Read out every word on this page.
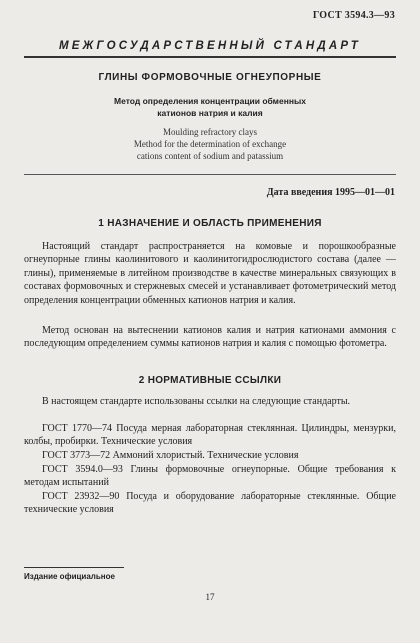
ГОСТ 3594.3—93
МЕЖГОСУДАРСТВЕННЫЙ СТАНДАРТ
ГЛИНЫ ФОРМОВОЧНЫЕ ОГНЕУПОРНЫЕ
Метод определения концентрации обменных
катионов натрия и калия
Moulding refractory clays
Method for the determination of exchange
cations content of sodium and patassium
Дата введения 1995—01—01
1 НАЗНАЧЕНИЕ И ОБЛАСТЬ ПРИМЕНЕНИЯ
Настоящий стандарт распространяется на комовые и порошкообразные огнеупорные глины каолинитового и каолинитогидрослюдистого состава (далее — глины), применяемые в литейном производстве в качестве минеральных связующих в составах формовочных и стержневых смесей и устанавливает фотометрический метод определения концентрации обменных катионов натрия и калия.
Метод основан на вытеснении катионов калия и натрия катионами аммония с последующим определением суммы катионов натрия и калия с помощью фотометра.
2 НОРМАТИВНЫЕ ССЫЛКИ
В настоящем стандарте использованы ссылки на следующие стандарты.
ГОСТ 1770—74 Посуда мерная лабораторная стеклянная. Цилиндры, мензурки, колбы, пробирки. Технические условия
ГОСТ 3773—72 Аммоний хлористый. Технические условия
ГОСТ 3594.0—93 Глины формовочные огнеупорные. Общие требования к методам испытаний
ГОСТ 23932—90 Посуда и оборудование лабораторные стеклянные. Общие технические условия
Издание официальное
17
